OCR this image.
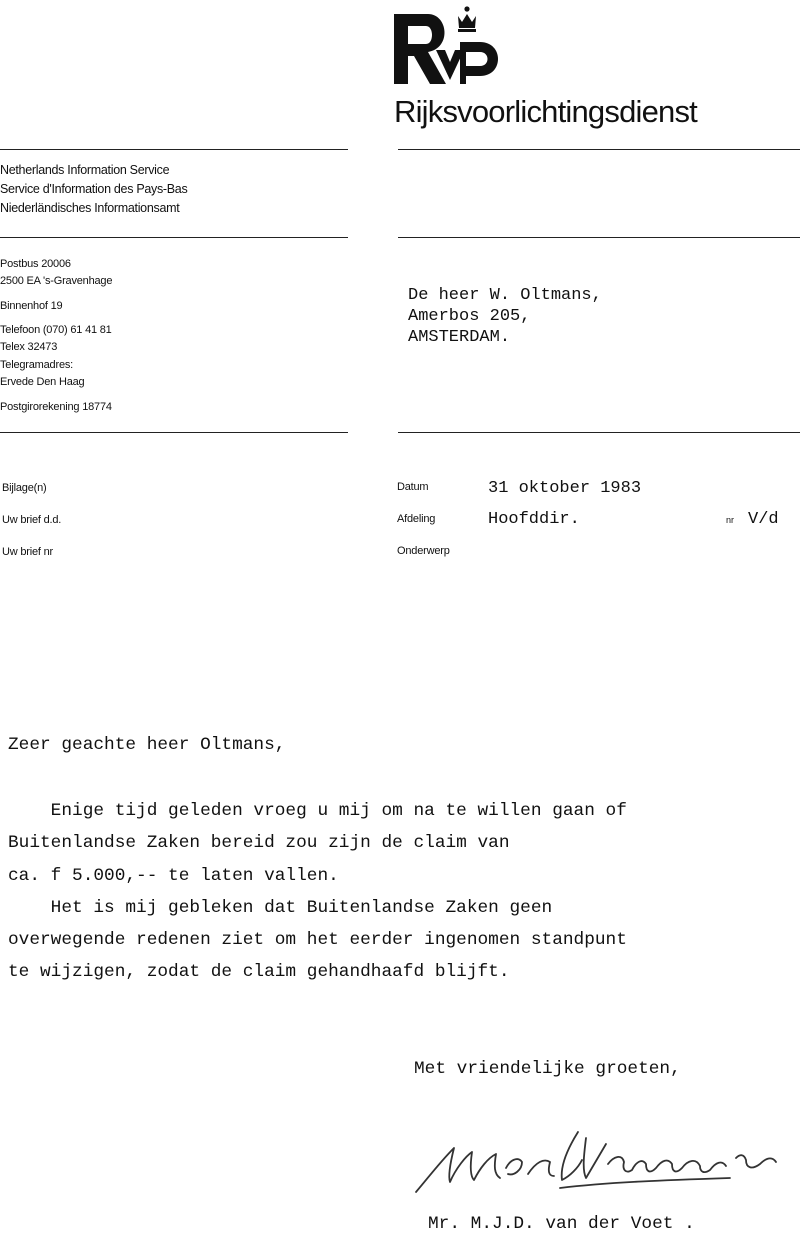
Rijksvoorlichtingsdienst
Netherlands Information Service
Service d'Information des Pays-Bas
Niederländisches Informationsamt
Postbus 20006
2500 EA 's-Gravenhage
Binnenhof 19
Telefoon (070) 61 41 81
Telex 32473
Telegramadres:
Ervede Den Haag
Postgirorekening 18774
De heer W. Oltmans,
Amerbos 205,
AMSTERDAM.
Bijlage(n)
Uw brief d.d.
Uw brief nr
Datum	31 oktober 1983
Afdeling	Hoofddir.	nr V/d
Onderwerp
Zeer geachte heer Oltmans,
Enige tijd geleden vroeg u mij om na te willen gaan of
Buitenlandse Zaken bereid zou zijn de claim van
ca. f 5.000,-- te laten vallen.
Het is mij gebleken dat Buitenlandse Zaken geen
overwegende redenen ziet om het eerder ingenomen standpunt
te wijzigen, zodat de claim gehandhaafd blijft.
Met vriendelijke groeten,
Mr. M.J.D. van der Voet .
